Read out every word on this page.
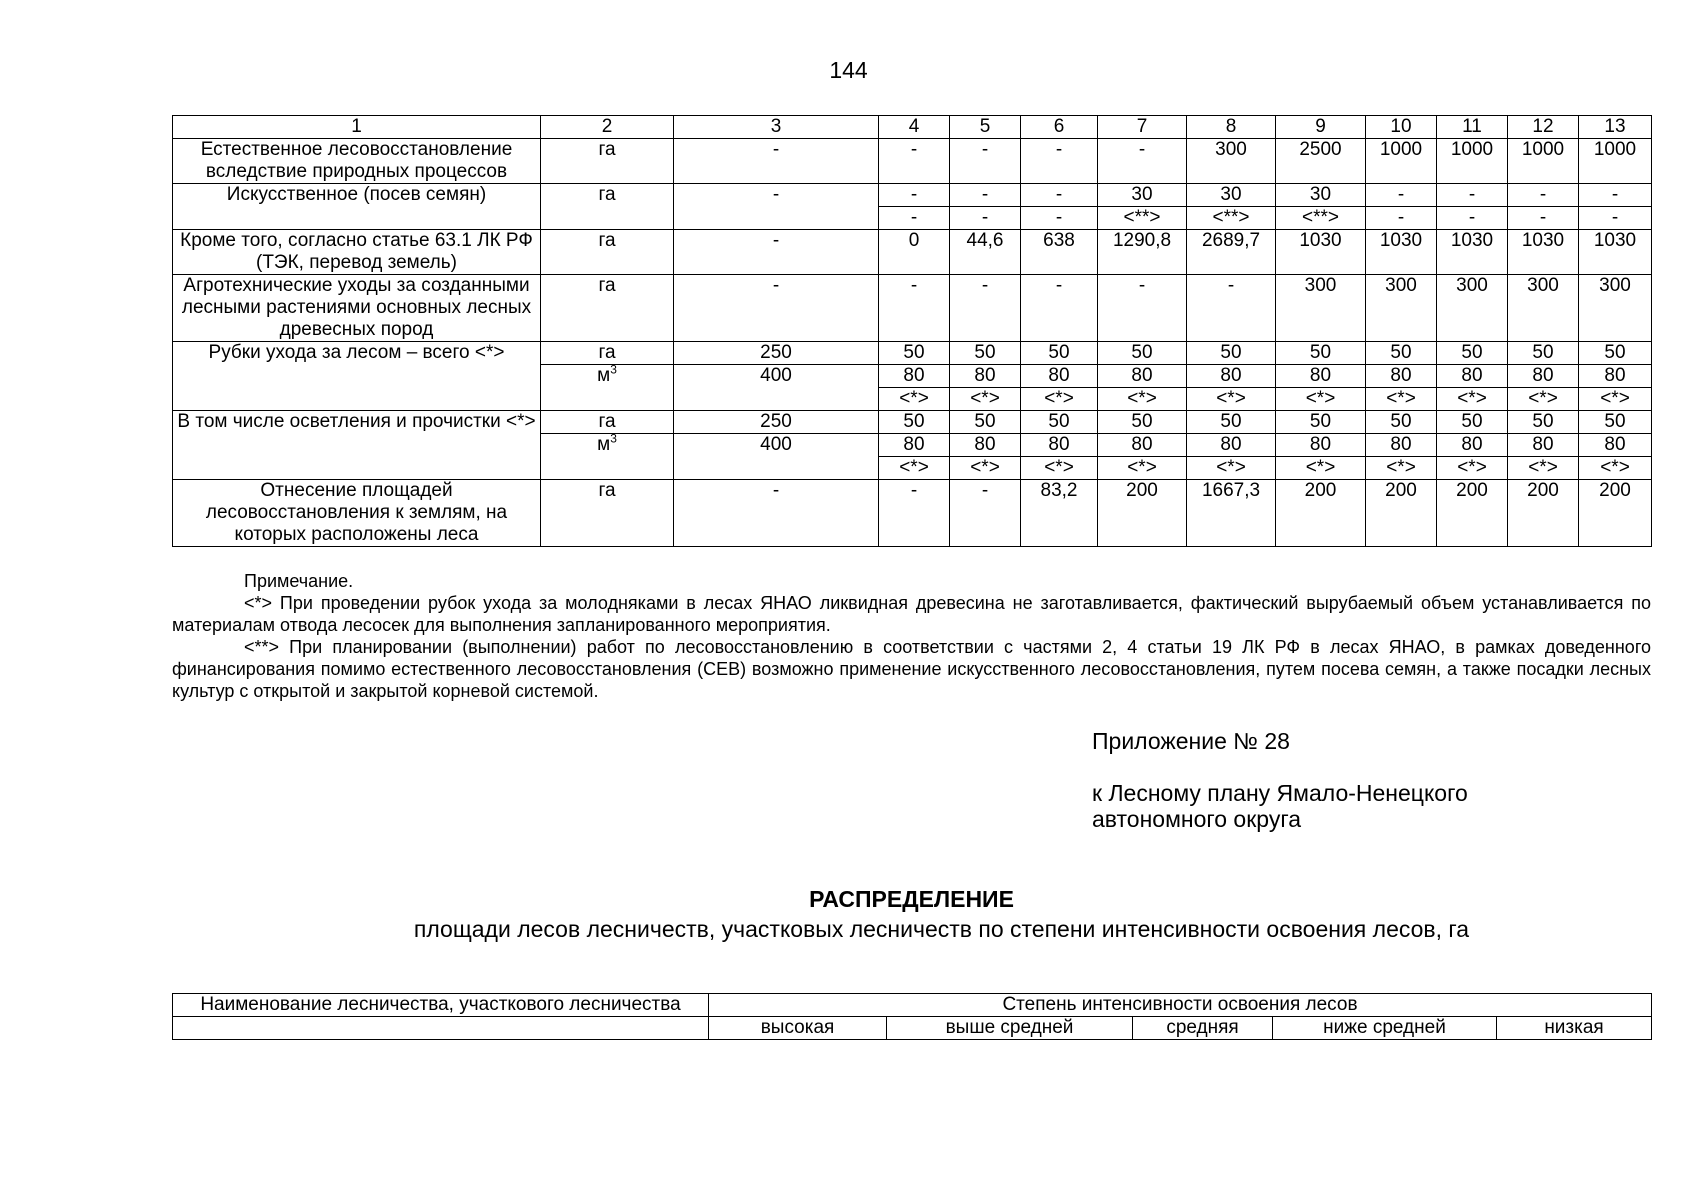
144
1	2	3	4	5	6	7	8	9	10	11	12	13
Естественное лесовосстановление вследствие природных процессов	га	-	-	-	-	-	300	2500	1000	1000	1000	1000
Искусственное (посев семян)	га	-	-	-	-	30	30	30	-	-	-	-
			-	-	-	<**>	<**>	<**>	-	-	-	-
Кроме того, согласно статье 63.1 ЛК РФ (ТЭК, перевод земель)	га	-	0	44,6	638	1290,8	2689,7	1030	1030	1030	1030	1030
Агротехнические уходы за созданными лесными растениями основных лесных древесных пород	га	-	-	-	-	-	-	300	300	300	300	300
Рубки ухода за лесом – всего <*>	га	250	50	50	50	50	50	50	50	50	50	50
	$м^3$	400	80	80	80	80	80	80	80	80	80	80
			<*>	<*>	<*>	<*>	<*>	<*>	<*>	<*>	<*>	<*>
В том числе осветления и прочистки <*>	га	250	50	50	50	50	50	50	50	50	50	50
	$м^3$	400	80	80	80	80	80	80	80	80	80	80
			<*>	<*>	<*>	<*>	<*>	<*>	<*>	<*>	<*>	<*>
Отнесение площадей лесовосстановления к землям, на которых расположены леса	га	-	-	-	83,2	200	1667,3	200	200	200	200	200
Примечание.

<*> При проведении рубок ухода за молодняками в лесах ЯНАО ликвидная древесина не заготавливается, фактический вырубаемый объем устанавливается по материалам отвода лесосек для выполнения запланированного мероприятия.

<**> При планировании (выполнении) работ по лесовосстановлению в соответствии с частями 2, 4 статьи 19 ЛК РФ в лесах ЯНАО, в рамках доведенного финансирования помимо естественного лесовосстановления (СЕВ) возможно применение искусственного лесовосстановления, путем посева семян, а также посадки лесных культур с открытой и закрытой корневой системой.

Приложение № 28

к Лесному плану Ямало-Ненецкого

автономного округа

РАСПРЕДЕЛЕНИЕ
площади лесов лесничеств, участковых лесничеств по степени интенсивности освоения лесов, га
Наименование лесничества, участкового лесничества	Степень интенсивности освоения лесов				
	высокая	выше средней	средняя	ниже средней	низкая
